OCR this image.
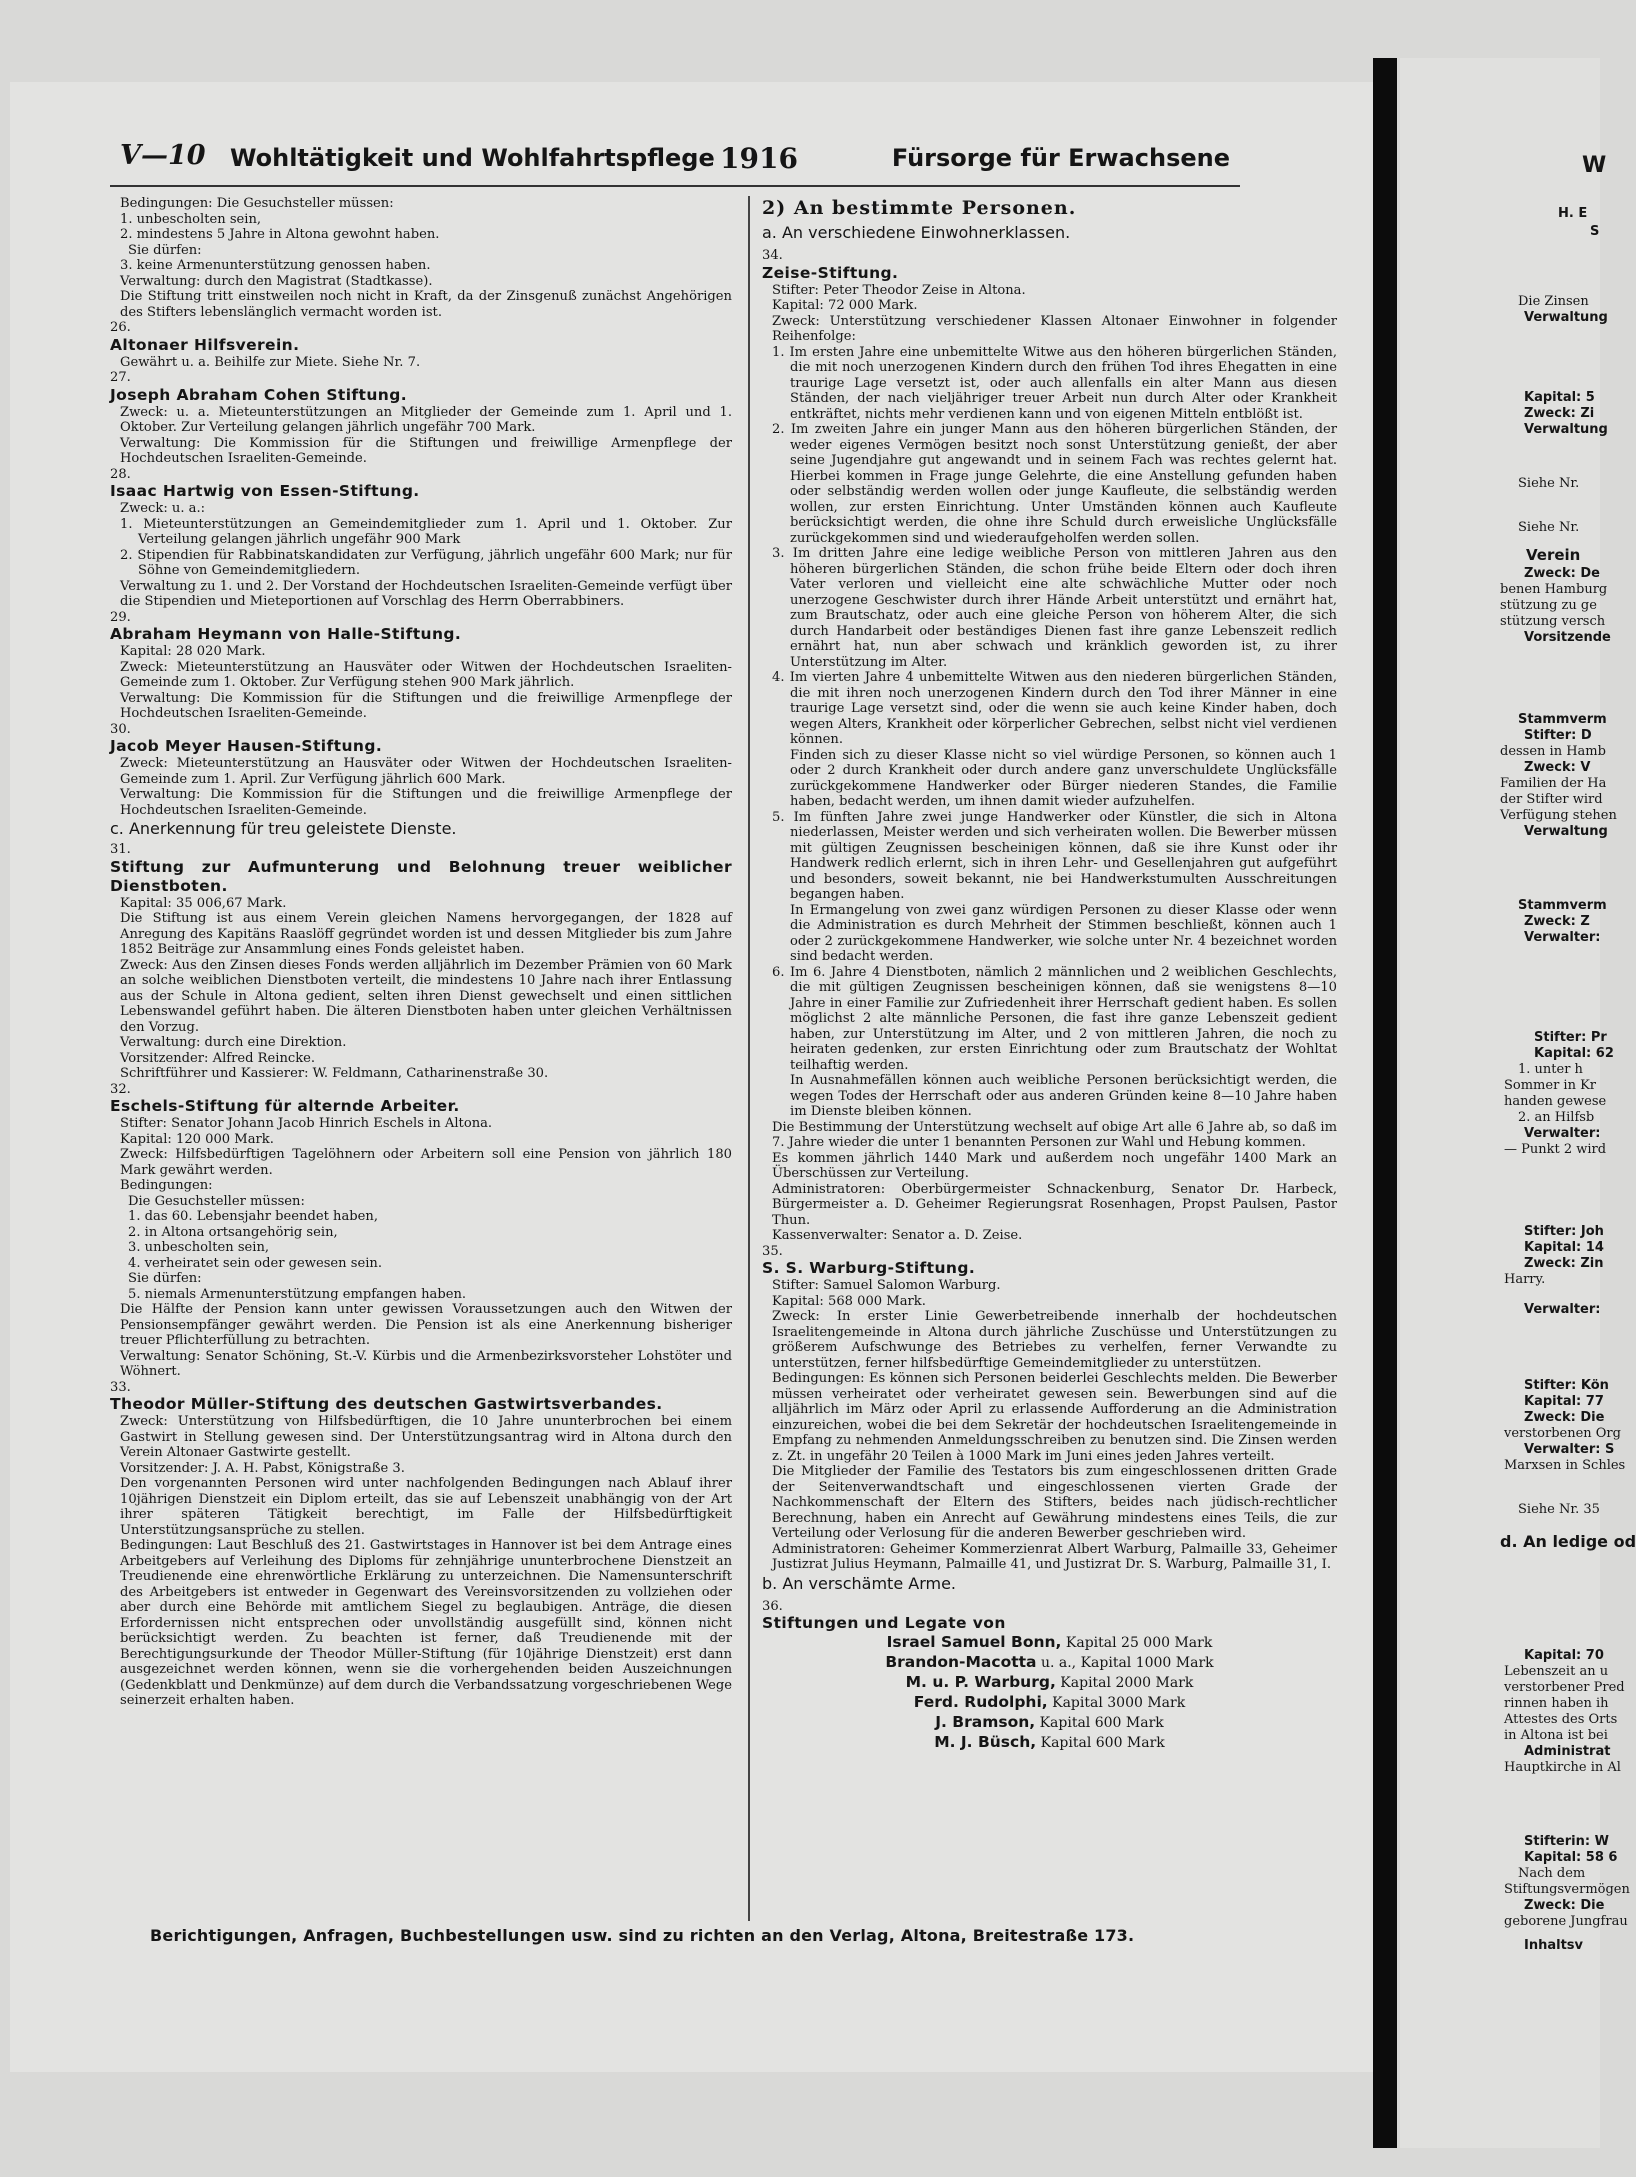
V—10 Wohltätigkeit und Wohlfahrtspflege 1916	Fürsorge für Erwachsene

Bedingungen: Die Gesuchsteller müssen:

1. unbescholten sein,

2. mindestens 5 Jahre in Altona gewohnt haben.

Sie dürfen:

3. keine Armenunterstützung genossen haben.

Verwaltung: durch den Magistrat (Stadtkasse).

Die Stiftung tritt einstweilen noch nicht in Kraft, da der Zinsgenuß zunächst Angehörigen des Stifters lebenslänglich vermacht worden ist.

26.

Altonaer Hilfsverein.

Gewährt u. a. Beihilfe zur Miete. Siehe Nr. 7.

27.

Joseph Abraham Cohen Stiftung.

Zweck: u. a. Mieteunterstützungen an Mitglieder der Gemeinde zum 1. April und 1. Oktober. Zur Verteilung gelangen jährlich ungefähr 700 Mark.

Verwaltung: Die Kommission für die Stiftungen und freiwillige Armenpflege der Hochdeutschen Israeliten-Gemeinde.

28.

Isaac Hartwig von Essen-Stiftung.

Zweck: u. a.:

1. Mieteunterstützungen an Gemeindemitglieder zum 1. April und 1. Oktober. Zur Verteilung gelangen jährlich ungefähr 900 Mark

2. Stipendien für Rabbinatskandidaten zur Verfügung, jährlich ungefähr 600 Mark; nur für Söhne von Gemeindemitgliedern.

Verwaltung zu 1. und 2. Der Vorstand der Hochdeutschen Israeliten-Gemeinde verfügt über die Stipendien und Mieteportionen auf Vorschlag des Herrn Oberrabbiners.

29.

Abraham Heymann von Halle-Stiftung.

Kapital: 28 020 Mark.

Zweck: Mieteunterstützung an Hausväter oder Witwen der Hochdeutschen Israeliten-Gemeinde zum 1. Oktober. Zur Verfügung stehen 900 Mark jährlich.

Verwaltung: Die Kommission für die Stiftungen und die freiwillige Armenpflege der Hochdeutschen Israeliten-Gemeinde.

30.

Jacob Meyer Hausen-Stiftung.

Zweck: Mieteunterstützung an Hausväter oder Witwen der Hochdeutschen Israeliten-Gemeinde zum 1. April. Zur Verfügung jährlich 600 Mark.

Verwaltung: Die Kommission für die Stiftungen und die freiwillige Armenpflege der Hochdeutschen Israeliten-Gemeinde.

c. Anerkennung für treu geleistete Dienste.

31.

Stiftung zur Aufmunterung und Belohnung treuer weiblicher Dienstboten.

Kapital: 35 006,67 Mark.

Die Stiftung ist aus einem Verein gleichen Namens hervorgegangen, der 1828 auf Anregung des Kapitäns Raaslöff gegründet worden ist und dessen Mitglieder bis zum Jahre 1852 Beiträge zur Ansammlung eines Fonds geleistet haben.

Zweck: Aus den Zinsen dieses Fonds werden alljährlich im Dezember Prämien von 60 Mark an solche weiblichen Dienstboten verteilt, die mindestens 10 Jahre nach ihrer Entlassung aus der Schule in Altona gedient, selten ihren Dienst gewechselt und einen sittlichen Lebenswandel geführt haben. Die älteren Dienstboten haben unter gleichen Verhältnissen den Vorzug.

Verwaltung: durch eine Direktion.

Vorsitzender: Alfred Reincke.

Schriftführer und Kassierer: W. Feldmann, Catharinenstraße 30.

32.

Eschels-Stiftung für alternde Arbeiter.

Stifter: Senator Johann Jacob Hinrich Eschels in Altona.

Kapital: 120 000 Mark.

Zweck: Hilfsbedürftigen Tagelöhnern oder Arbeitern soll eine Pension von jährlich 180 Mark gewährt werden.

Bedingungen:

Die Gesuchsteller müssen:

1. das 60. Lebensjahr beendet haben,

2. in Altona ortsangehörig sein,

3. unbescholten sein,

4. verheiratet sein oder gewesen sein.

Sie dürfen:

5. niemals Armenunterstützung empfangen haben.

Die Hälfte der Pension kann unter gewissen Voraussetzungen auch den Witwen der Pensionsempfänger gewährt werden. Die Pension ist als eine Anerkennung bisheriger treuer Pflichterfüllung zu betrachten.

Verwaltung: Senator Schöning, St.-V. Kürbis und die Armenbezirksvorsteher Lohstöter und Wöhnert.

33.

Theodor Müller-Stiftung des deutschen Gastwirtsverbandes.

Zweck: Unterstützung von Hilfsbedürftigen, die 10 Jahre ununterbrochen bei einem Gastwirt in Stellung gewesen sind. Der Unterstützungsantrag wird in Altona durch den Verein Altonaer Gastwirte gestellt.

Vorsitzender: J. A. H. Pabst, Königstraße 3.

Den vorgenannten Personen wird unter nachfolgenden Bedingungen nach Ablauf ihrer 10jährigen Dienstzeit ein Diplom erteilt, das sie auf Lebenszeit unabhängig von der Art ihrer späteren Tätigkeit berechtigt, im Falle der Hilfsbedürftigkeit Unterstützungsansprüche zu stellen.

Bedingungen: Laut Beschluß des 21. Gastwirtstages in Hannover ist bei dem Antrage eines Arbeitgebers auf Verleihung des Diploms für zehnjährige ununterbrochene Dienstzeit an Treudienende eine ehrenwörtliche Erklärung zu unterzeichnen. Die Namensunterschrift des Arbeitgebers ist entweder in Gegenwart des Vereinsvorsitzenden zu vollziehen oder aber durch eine Behörde mit amtlichem Siegel zu beglaubigen. Anträge, die diesen Erfordernissen nicht entsprechen oder unvollständig ausgefüllt sind, können nicht berücksichtigt werden. Zu beachten ist ferner, daß Treudienende mit der Berechtigungsurkunde der Theodor Müller-Stiftung (für 10jährige Dienstzeit) erst dann ausgezeichnet werden können, wenn sie die vorhergehenden beiden Auszeichnungen (Gedenkblatt und Denkmünze) auf dem durch die Verbandssatzung vorgeschriebenen Wege seinerzeit erhalten haben.

2) An bestimmte Personen.

a. An verschiedene Einwohnerklassen.

34.

Zeise-Stiftung.

Stifter: Peter Theodor Zeise in Altona.

Kapital: 72 000 Mark.

Zweck: Unterstützung verschiedener Klassen Altonaer Einwohner in folgender Reihenfolge:

1. Im ersten Jahre eine unbemittelte Witwe aus den höheren bürgerlichen Ständen, die mit noch unerzogenen Kindern durch den frühen Tod ihres Ehegatten in eine traurige Lage versetzt ist, oder auch allenfalls ein alter Mann aus diesen Ständen, der nach vieljähriger treuer Arbeit nun durch Alter oder Krankheit entkräftet, nichts mehr verdienen kann und von eigenen Mitteln entblößt ist.

2. Im zweiten Jahre ein junger Mann aus den höheren bürgerlichen Ständen, der weder eigenes Vermögen besitzt noch sonst Unterstützung genießt, der aber seine Jugendjahre gut angewandt und in seinem Fach was rechtes gelernt hat. Hierbei kommen in Frage junge Gelehrte, die eine Anstellung gefunden haben oder selbständig werden wollen oder junge Kaufleute, die selbständig werden wollen, zur ersten Einrichtung. Unter Umständen können auch Kaufleute berücksichtigt werden, die ohne ihre Schuld durch erweisliche Unglücksfälle zurückgekommen sind und wiederaufgeholfen werden sollen.

3. Im dritten Jahre eine ledige weibliche Person von mittleren Jahren aus den höheren bürgerlichen Ständen, die schon frühe beide Eltern oder doch ihren Vater verloren und vielleicht eine alte schwächliche Mutter oder noch unerzogene Geschwister durch ihrer Hände Arbeit unterstützt und ernährt hat, zum Brautschatz, oder auch eine gleiche Person von höherem Alter, die sich durch Handarbeit oder beständiges Dienen fast ihre ganze Lebenszeit redlich ernährt hat, nun aber schwach und kränklich geworden ist, zu ihrer Unterstützung im Alter.

4. Im vierten Jahre 4 unbemittelte Witwen aus den niederen bürgerlichen Ständen, die mit ihren noch unerzogenen Kindern durch den Tod ihrer Männer in eine traurige Lage versetzt sind, oder die wenn sie auch keine Kinder haben, doch wegen Alters, Krankheit oder körperlicher Gebrechen, selbst nicht viel verdienen können.

Finden sich zu dieser Klasse nicht so viel würdige Personen, so können auch 1 oder 2 durch Krankheit oder durch andere ganz unverschuldete Unglücksfälle zurückgekommene Handwerker oder Bürger niederen Standes, die Familie haben, bedacht werden, um ihnen damit wieder aufzuhelfen.

5. Im fünften Jahre zwei junge Handwerker oder Künstler, die sich in Altona niederlassen, Meister werden und sich verheiraten wollen. Die Bewerber müssen mit gültigen Zeugnissen bescheinigen können, daß sie ihre Kunst oder ihr Handwerk redlich erlernt, sich in ihren Lehr- und Gesellenjahren gut aufgeführt und besonders, soweit bekannt, nie bei Handwerkstumulten Ausschreitungen begangen haben.

In Ermangelung von zwei ganz würdigen Personen zu dieser Klasse oder wenn die Administration es durch Mehrheit der Stimmen beschließt, können auch 1 oder 2 zurückgekommene Handwerker, wie solche unter Nr. 4 bezeichnet worden sind bedacht werden.

6. Im 6. Jahre 4 Dienstboten, nämlich 2 männlichen und 2 weiblichen Geschlechts, die mit gültigen Zeugnissen bescheinigen können, daß sie wenigstens 8—10 Jahre in einer Familie zur Zufriedenheit ihrer Herrschaft gedient haben. Es sollen möglichst 2 alte männliche Personen, die fast ihre ganze Lebenszeit gedient haben, zur Unterstützung im Alter, und 2 von mittleren Jahren, die noch zu heiraten gedenken, zur ersten Einrichtung oder zum Brautschatz der Wohltat teilhaftig werden.

In Ausnahmefällen können auch weibliche Personen berücksichtigt werden, die wegen Todes der Herrschaft oder aus anderen Gründen keine 8—10 Jahre haben im Dienste bleiben können.

Die Bestimmung der Unterstützung wechselt auf obige Art alle 6 Jahre ab, so daß im 7. Jahre wieder die unter 1 benannten Personen zur Wahl und Hebung kommen.

Es kommen jährlich 1440 Mark und außerdem noch ungefähr 1400 Mark an Überschüssen zur Verteilung.

Administratoren: Oberbürgermeister Schnackenburg, Senator Dr. Harbeck, Bürgermeister a. D. Geheimer Regierungsrat Rosenhagen, Propst Paulsen, Pastor Thun.

Kassenverwalter: Senator a. D. Zeise.

35.

S. S. Warburg-Stiftung.

Stifter: Samuel Salomon Warburg.

Kapital: 568 000 Mark.

Zweck: In erster Linie Gewerbetreibende innerhalb der hochdeutschen Israelitengemeinde in Altona durch jährliche Zuschüsse und Unterstützungen zu größerem Aufschwunge des Betriebes zu verhelfen, ferner Verwandte zu unterstützen, ferner hilfsbedürftige Gemeindemitglieder zu unterstützen.

Bedingungen: Es können sich Personen beiderlei Geschlechts melden. Die Bewerber müssen verheiratet oder verheiratet gewesen sein. Bewerbungen sind auf die alljährlich im März oder April zu erlassende Aufforderung an die Administration einzureichen, wobei die bei dem Sekretär der hochdeutschen Israelitengemeinde in Empfang zu nehmenden Anmeldungsschreiben zu benutzen sind. Die Zinsen werden z. Zt. in ungefähr 20 Teilen à 1000 Mark im Juni eines jeden Jahres verteilt.

Die Mitglieder der Familie des Testators bis zum eingeschlossenen dritten Grade der Seitenverwandtschaft und eingeschlossenen vierten Grade der Nachkommenschaft der Eltern des Stifters, beides nach jüdisch-rechtlicher Berechnung, haben ein Anrecht auf Gewährung mindestens eines Teils, die zur Verteilung oder Verlosung für die anderen Bewerber geschrieben wird.

Administratoren: Geheimer Kommerzienrat Albert Warburg, Palmaille 33, Geheimer Justizrat Julius Heymann, Palmaille 41, und Justizrat Dr. S. Warburg, Palmaille 31, I.

b. An verschämte Arme.

36.

Stiftungen und Legate von

Israel Samuel Bonn, Kapital 25 000 Mark
Brandon-Macotta u. a., Kapital 1000 Mark
M. u. P. Warburg, Kapital 2000 Mark
Ferd. Rudolphi, Kapital 3000 Mark
J. Bramson, Kapital 600 Mark
M. J. Büsch, Kapital 600 Mark
Berichtigungen, Anfragen, Buchbestellungen usw. sind zu richten an den Verlag, Altona, Breitestraße 173.
W
H. E
S
Die Zinsen
Verwaltung
Kapital: 5
Zweck: Zi
Verwaltung
Siehe Nr.
Siehe Nr.
Verein
Zweck: De
benen Hamburg
stützung zu ge
stützung versch
Vorsitzende
Stammverm
Stifter: D
dessen in Hamb
Zweck: V
Familien der Ha
der Stifter wird
Verfügung stehen
Verwaltung
Stammverm
Zweck: Z
Verwalter:
Stifter: Pr
Kapital: 62
1. unter h
Sommer in Kr
handen gewese
2. an Hilfsb
Verwalter:
— Punkt 2 wird
Stifter: Joh
Kapital: 14
Zweck: Zin
Harry.
Verwalter:
Stifter: Kön
Kapital: 77
Zweck: Die
verstorbenen Org
Verwalter: S
Marxsen in Schles
Siehe Nr. 35
d. An ledige od
Kapital: 70
Lebenszeit an u
verstorbener Pred
rinnen haben ih
Attestes des Orts
in Altona ist bei
Administrat
Hauptkirche in Al
Stifterin: W
Kapital: 58 6
Nach dem
Stiftungsvermögen
Zweck: Die
geborene Jungfrau
Inhaltsv
